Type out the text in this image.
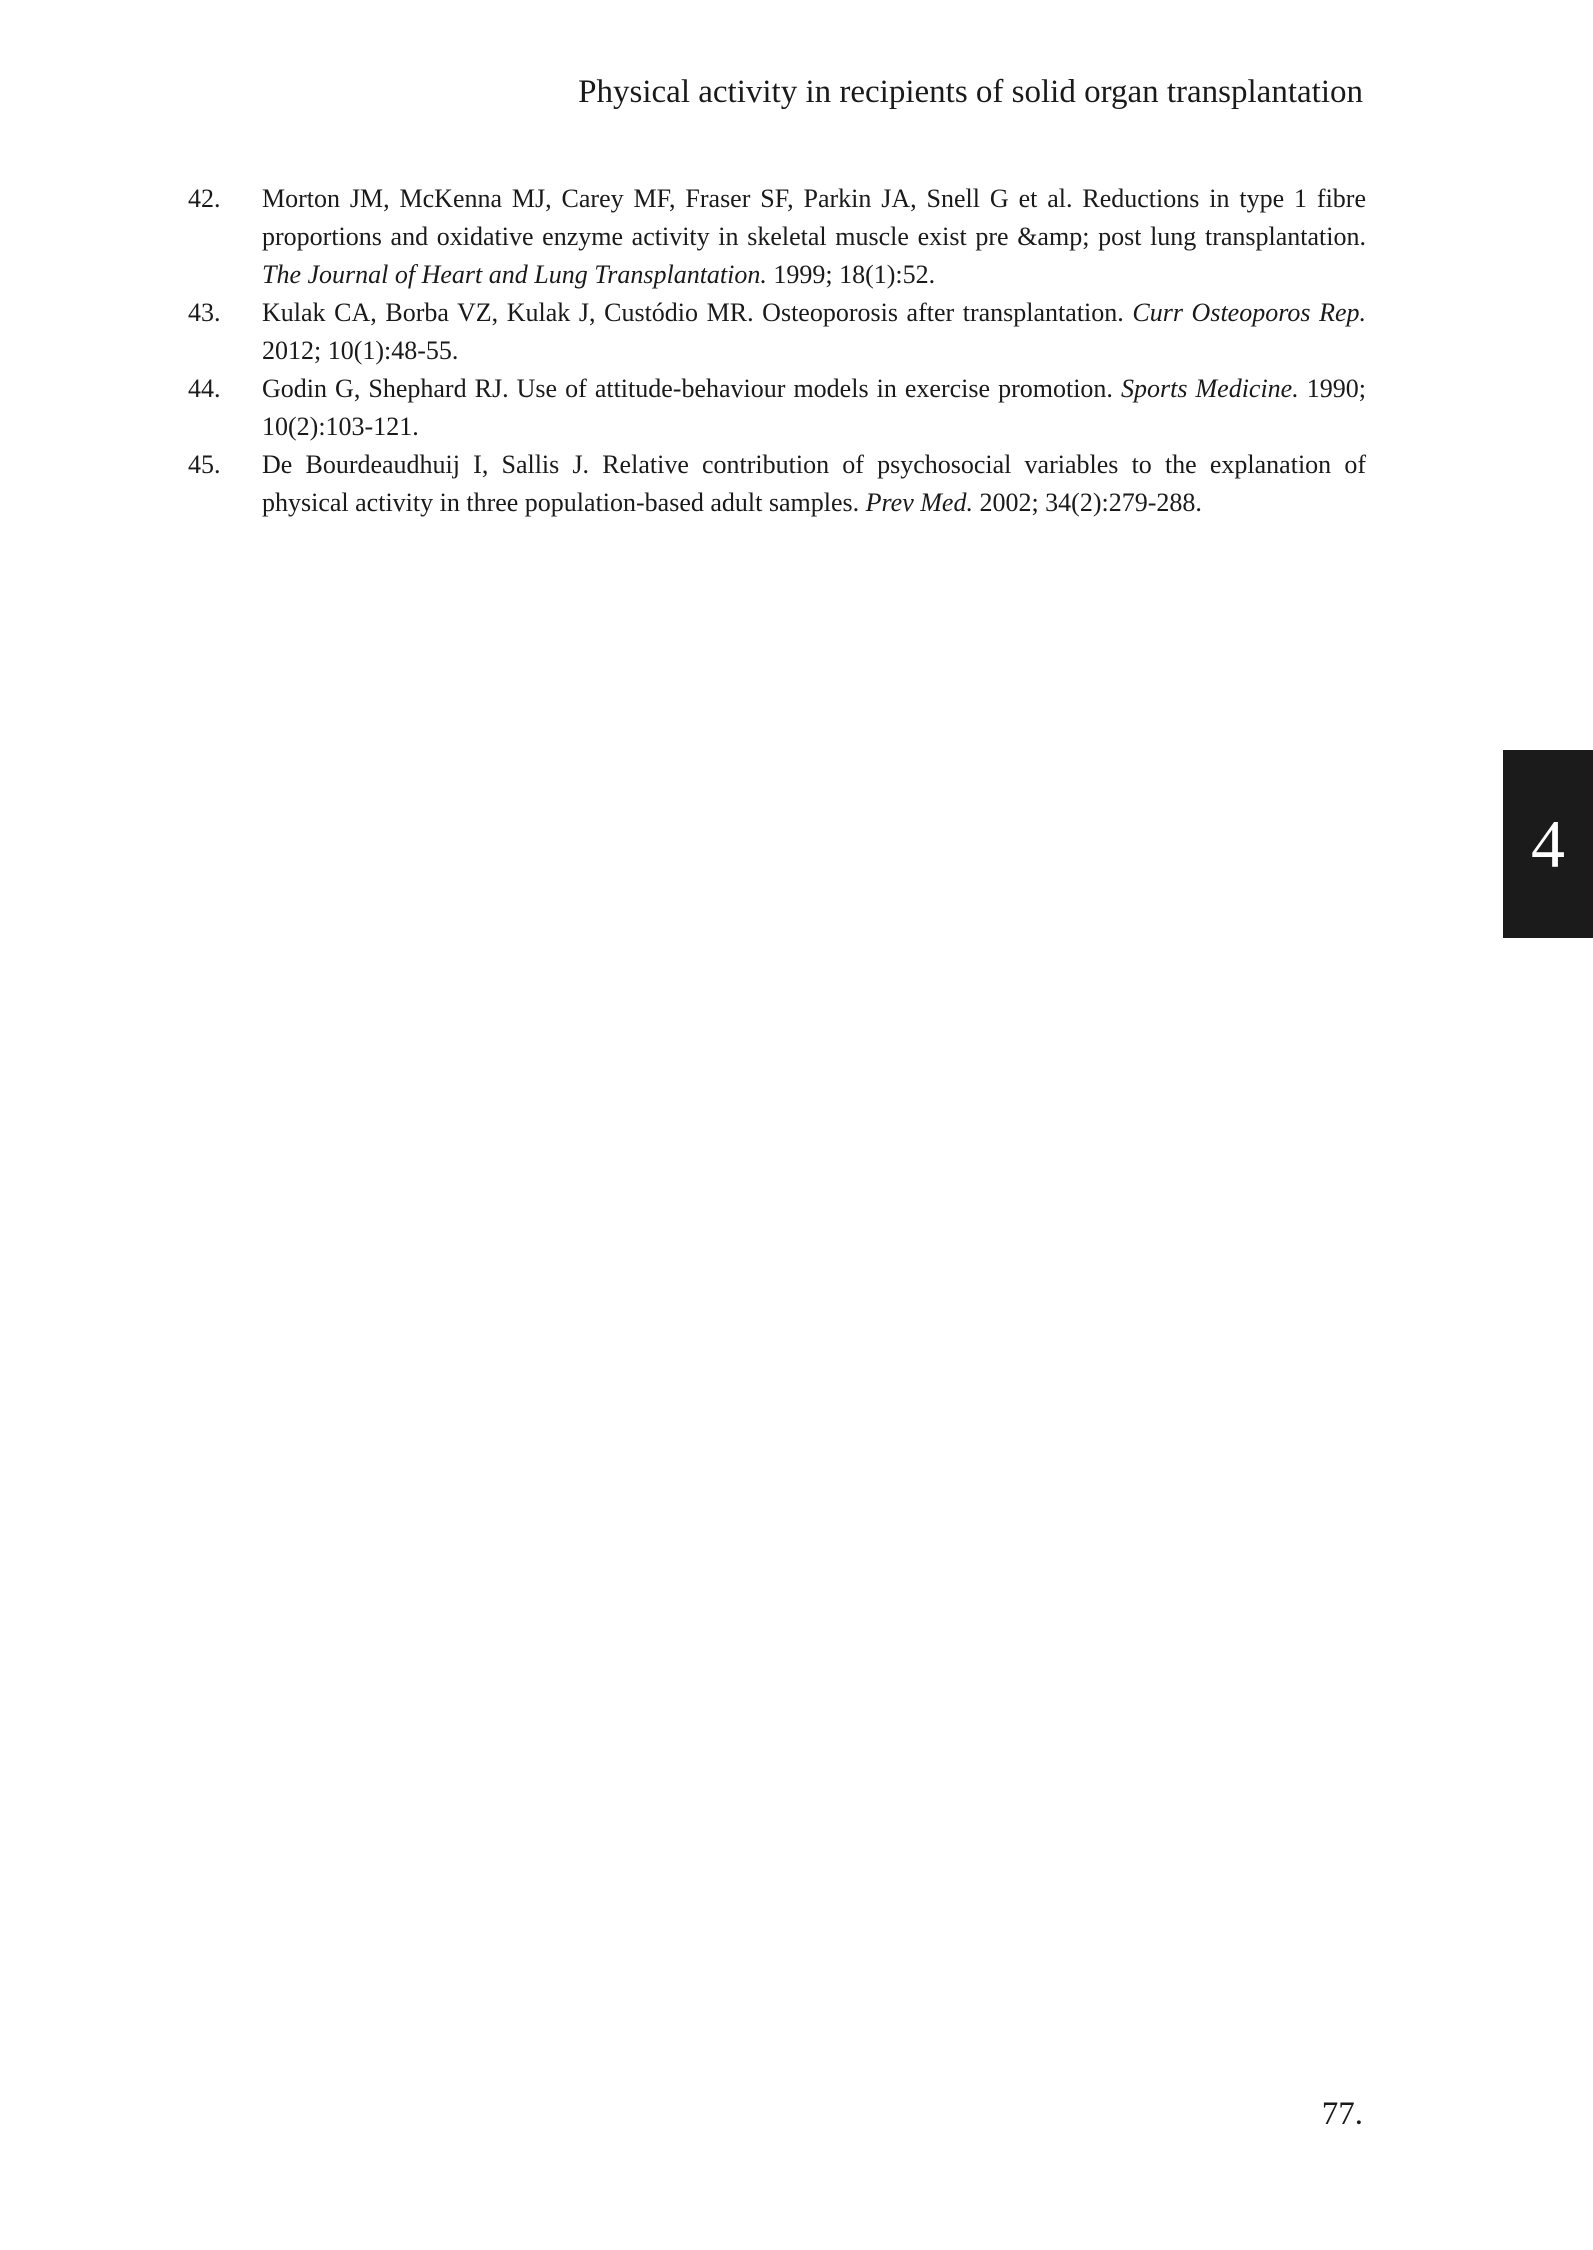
Physical activity in recipients of solid organ transplantation

42.	Morton JM, McKenna MJ, Carey MF, Fraser SF, Parkin JA, Snell G et al. Reductions in type 1 fibre proportions and oxidative enzyme activity in skeletal muscle exist pre &amp; post lung transplantation. The Journal of Heart and Lung Transplantation. 1999; 18(1):52.

43.	Kulak CA, Borba VZ, Kulak J, Custódio MR. Osteoporosis after transplantation. Curr Osteoporos Rep. 2012; 10(1):48-55.

44.	Godin G, Shephard RJ. Use of attitude-behaviour models in exercise promotion. Sports Medicine. 1990; 10(2):103-121.

45.	De Bourdeaudhuij I, Sallis J. Relative contribution of psychosocial variables to the explanation of physical activity in three population-based adult samples. Prev Med. 2002; 34(2):279-288.

4
77.
